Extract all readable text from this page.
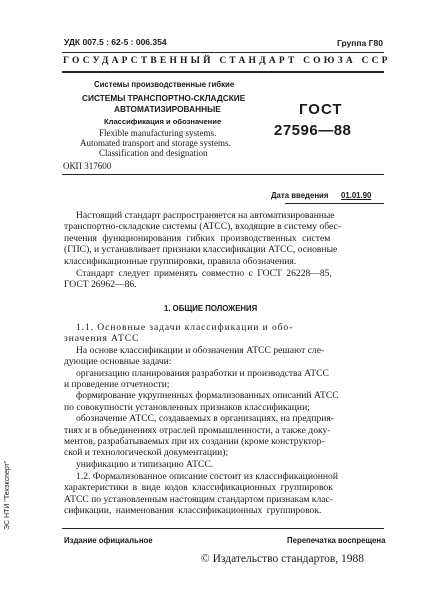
УДК 007.5 : 62-5 : 006.354	Группа Г80
ГОСУДАРСТВЕННЫЙ СТАНДАРТ СОЮЗА ССР
Системы производственные гибкие
СИСТЕМЫ ТРАНСПОРТНО-СКЛАДСКИЕ
АВТОМАТИЗИРОВАННЫЕ
Классификация и обозначение
Flexible manufacturing systems.
Automated transport and storage systems.
Classification and designation
ГОСТ
27596—88
ОКП 317600
Дата введения 01.01.90
Настоящий стандарт распространяется на автоматизированные
транспортно-складские системы (АТСС), входящие в систему обес-
печения функционирования гибких производственных систем
(ГПС), и устанавливает признаки классификации АТСС, основные
классификационные группировки, правила обозначения.
Стандарт следует применять совместно с ГОСТ 26228—85,
ГОСТ 26962—86.
1. ОБЩИЕ ПОЛОЖЕНИЯ
1.1. Основные задачи классификации и обо-
значения АТСС
На основе классификации и обозначения АТСС решают сле-
дующие основные задачи:
организацию планирования разработки и производства АТСС
и проведение отчетности;
формирование укрупненных формализованных описаний АТСС
по совокупности установленных признаков классификации;
обозначение АТСС, создаваемых в организациях, на предприя-
тиях и в объединениях отраслей промышленности, а также доку-
ментов, разрабатываемых при их создании (кроме конструктор-
ской и технологической документации);
унификацию и типизацию АТСС.
1.2. Формализованное описание состоит из классификационной
характеристики в виде кодов классификационных группировок
АТСС по установленным настоящим стандартом признакам клас-
сификации, наименования классификационных группировок.
Издание официальное	Перепечатка воспрещена
© Издательство стандартов, 1988
ЭС НТИ "Техэксперт"
